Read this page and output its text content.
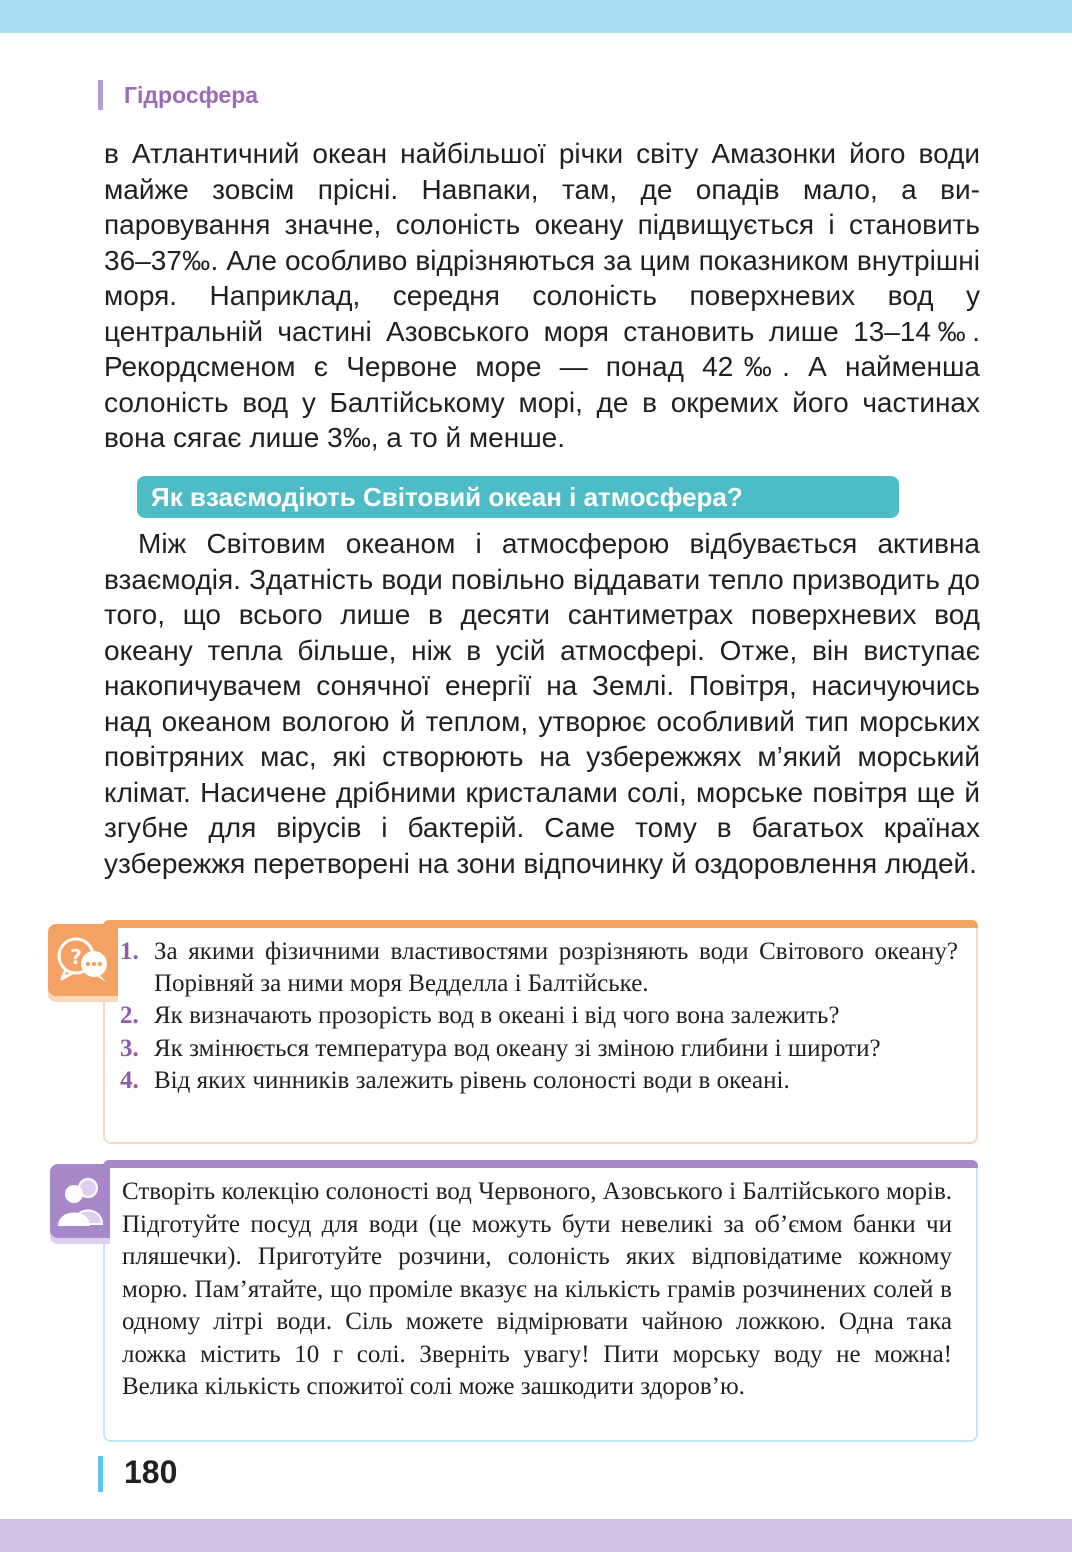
Гідросфера

в Атлантичний океан найбільшої річки світу Амазонки його води майже зовсім прісні. Навпаки, там, де опадів мало, а випаровування значне, солоність океану підвищується і становить 36–37‰. Але особливо відрізняються за цим показником внутрішні моря. Наприклад, середня солоність поверхневих вод у центральній частині Азовського моря становить лише 13–14‰. Рекордсменом є Червоне море — понад 42‰. А найменша солоність вод у Балтійському морі, де в окремих його частинах вона сягає лише 3‰, а то й менше.

Як взаємодіють Світовий океан і атмосфера?

Між Світовим океаном і атмосферою відбувається активна взаємодія. Здатність води повільно віддавати тепло призводить до того, що всього лише в десяти сантиметрах поверхневих вод океану тепла більше, ніж в усій атмосфері. Отже, він виступає накопичувачем сонячної енергії на Землі. Повітря, насичуючись над океаном вологою й теплом, утворює особливий тип морських повітряних мас, які створюють на узбережжях м’який морський клімат. Насичене дрібними кристалами солі, морське повітря ще й згубне для вірусів і бактерій. Саме тому в багатьох країнах узбережжя перетворені на зони відпочинку й оздоровлення людей.

? 1. За якими фізичними властивостями розрізняють води Світового океану? Порівняй за ними моря Ведделла і Балтійське.
2. Як визначають прозорість вод в океані і від чого вона залежить?
3. Як змінюється температура вод океану зі зміною глибини і широти?
4. Від яких чинників залежить рівень солоності води в океані.

Створіть колекцію солоності вод Червоного, Азовського і Балтійського морів. Підготуйте посуд для води (це можуть бути невеликі за об’ємом банки чи пляшечки). Приготуйте розчини, солоність яких відповідатиме кожному морю. Пам’ятайте, що проміле вказує на кількість грамів розчинених солей в одному літрі води. Сіль можете відмірювати чайною ложкою. Одна така ложка містить 10 г солі. Зверніть увагу! Пити морську воду не можна! Велика кількість спожитої солі може зашкодити здоров’ю.

180
